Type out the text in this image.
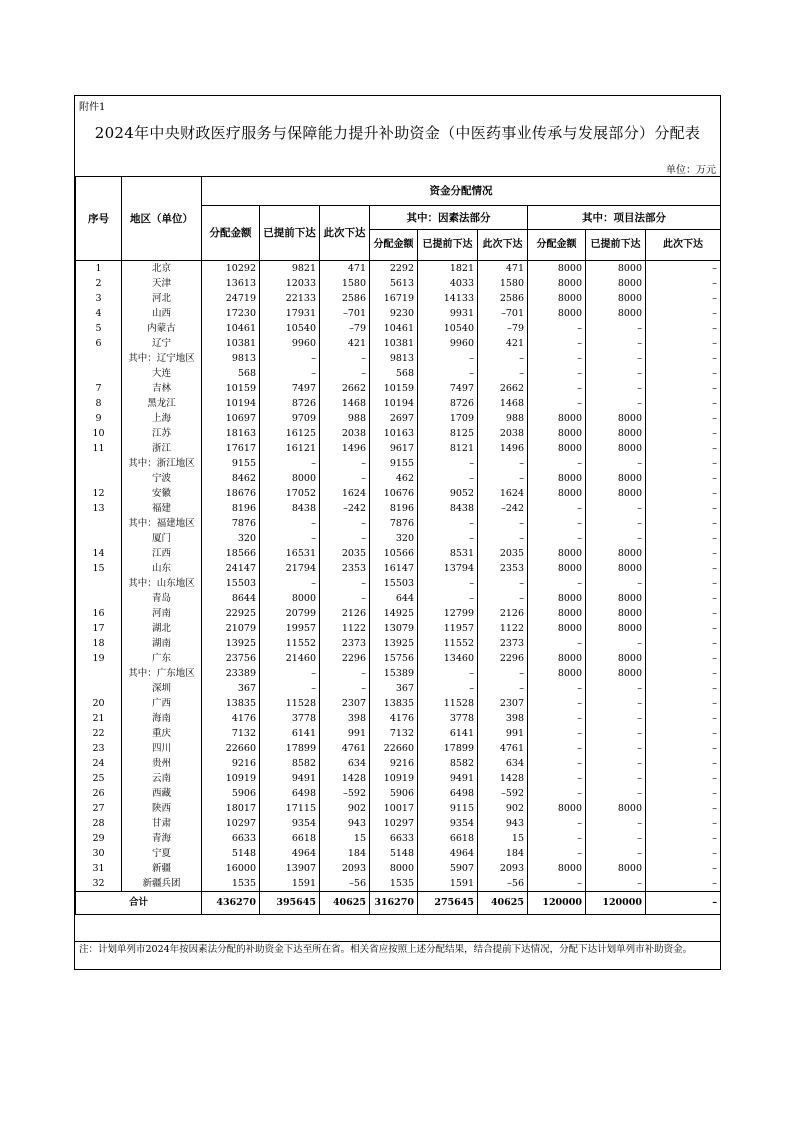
附件1
2024年中央财政医疗服务与保障能力提升补助资金（中医药事业传承与发展部分）分配表
单位：万元
序号	地区（单位）	资金分配情况								
		分配金额	已提前下达	此次下达	其中：因素法部分			其中：项目法部分		
					分配金额	已提前下达	此次下达	分配金额	已提前下达	此次下达
1	北京	10292	9821	471	2292	1821	471	8000	8000	–
2	天津	13613	12033	1580	5613	4033	1580	8000	8000	–
3	河北	24719	22133	2586	16719	14133	2586	8000	8000	–
4	山西	17230	17931	–701	9230	9931	–701	8000	8000	–
5	内蒙古	10461	10540	–79	10461	10540	–79	–	–	–
6	辽宁	10381	9960	421	10381	9960	421	–	–	–
	其中：辽宁地区	9813	–	–	9813	–	–	–	–	–
	大连	568	–	–	568	–	–	–	–	–
7	吉林	10159	7497	2662	10159	7497	2662	–	–	–
8	黑龙江	10194	8726	1468	10194	8726	1468	–	–	–
9	上海	10697	9709	988	2697	1709	988	8000	8000	–
10	江苏	18163	16125	2038	10163	8125	2038	8000	8000	–
11	浙江	17617	16121	1496	9617	8121	1496	8000	8000	–
	其中：浙江地区	9155	–	–	9155	–	–	–	–	–
	宁波	8462	8000	–	462	–	–	8000	8000	–
12	安徽	18676	17052	1624	10676	9052	1624	8000	8000	–
13	福建	8196	8438	–242	8196	8438	–242	–	–	–
	其中：福建地区	7876	–	–	7876	–	–	–	–	–
	厦门	320	–	–	320	–	–	–	–	–
14	江西	18566	16531	2035	10566	8531	2035	8000	8000	–
15	山东	24147	21794	2353	16147	13794	2353	8000	8000	–
	其中：山东地区	15503	–	–	15503	–	–	–	–	–
	青岛	8644	8000	–	644	–	–	8000	8000	–
16	河南	22925	20799	2126	14925	12799	2126	8000	8000	–
17	湖北	21079	19957	1122	13079	11957	1122	8000	8000	–
18	湖南	13925	11552	2373	13925	11552	2373	–	–	–
19	广东	23756	21460	2296	15756	13460	2296	8000	8000	–
	其中：广东地区	23389	–	–	15389	–	–	8000	8000	–
	深圳	367	–	–	367	–	–	–	–	–
20	广西	13835	11528	2307	13835	11528	2307	–	–	–
21	海南	4176	3778	398	4176	3778	398	–	–	–
22	重庆	7132	6141	991	7132	6141	991	–	–	–
23	四川	22660	17899	4761	22660	17899	4761	–	–	–
24	贵州	9216	8582	634	9216	8582	634	–	–	–
25	云南	10919	9491	1428	10919	9491	1428	–	–	–
26	西藏	5906	6498	–592	5906	6498	–592	–	–	–
27	陕西	18017	17115	902	10017	9115	902	8000	8000	–
28	甘肃	10297	9354	943	10297	9354	943	–	–	–
29	青海	6633	6618	15	6633	6618	15	–	–	–
30	宁夏	5148	4964	184	5148	4964	184	–	–	–
31	新疆	16000	13907	2093	8000	5907	2093	8000	8000	–
32	新疆兵团	1535	1591	–56	1535	1591	–56	–	–	–
合计		436270	395645	40625	316270	275645	40625	120000	120000	–
注：计划单列市2024年按因素法分配的补助资金下达至所在省。相关省应按照上述分配结果，结合提前下达情况，分配下达计划单列市补助资金。
